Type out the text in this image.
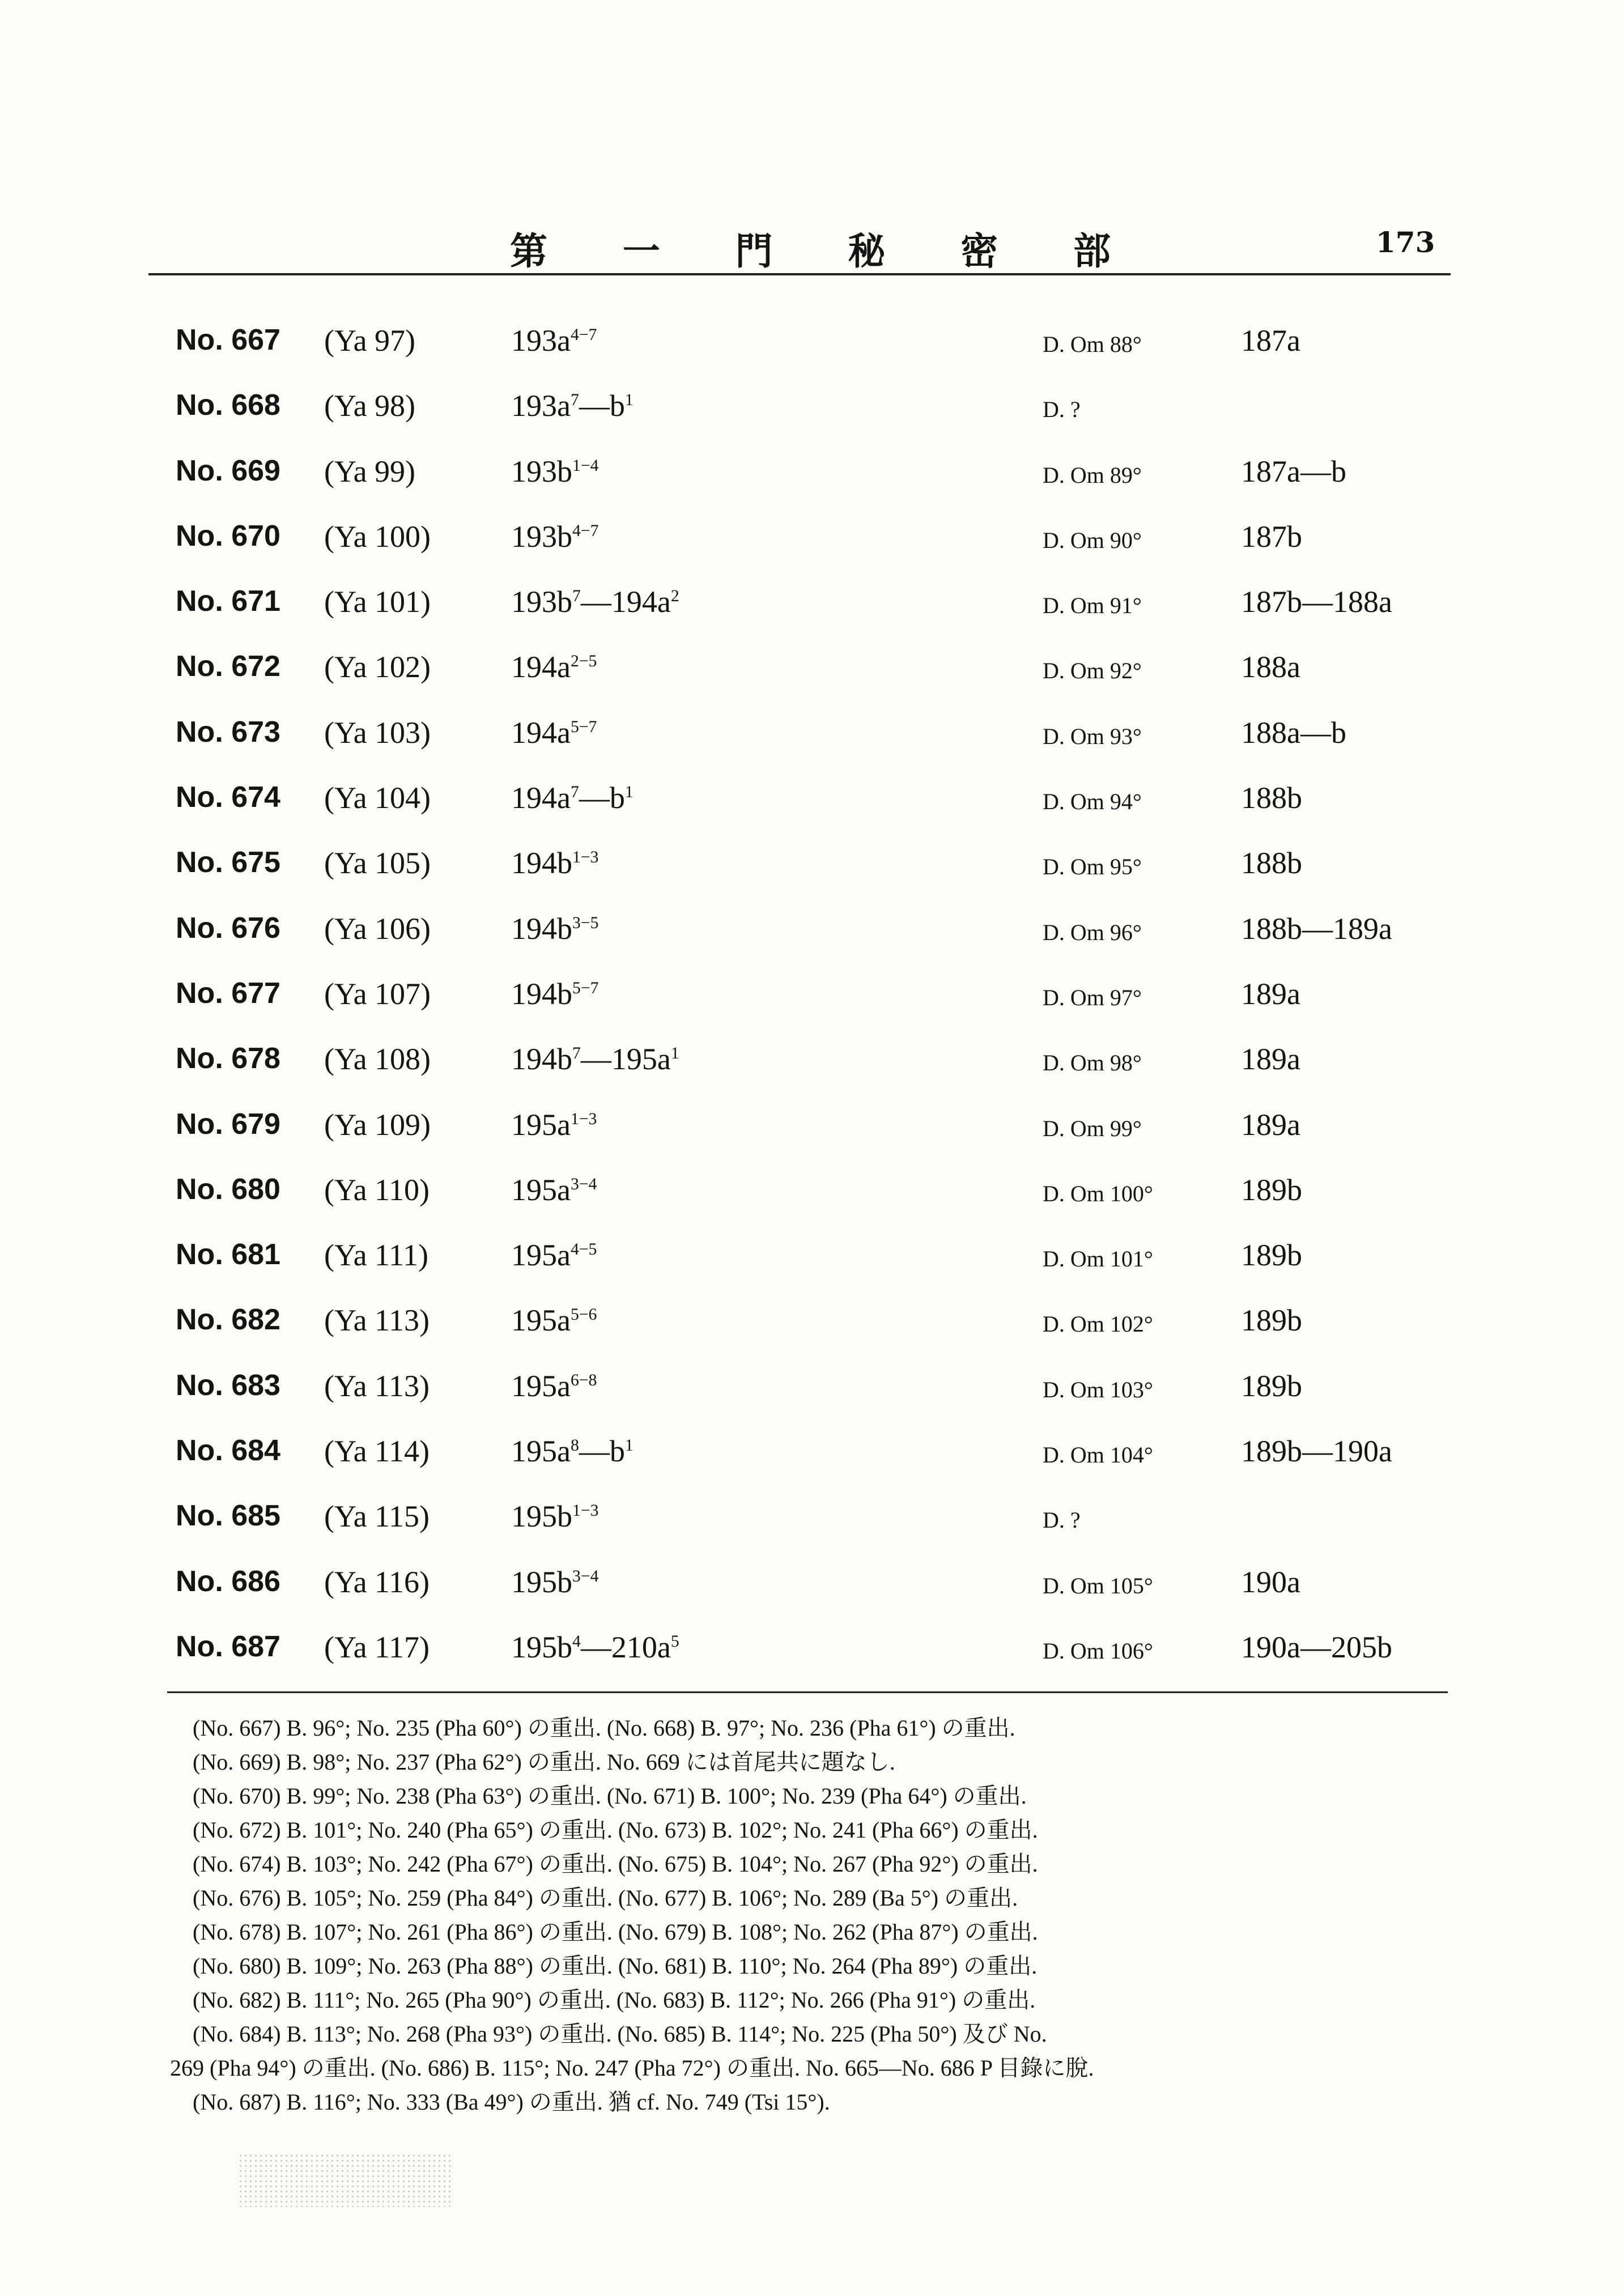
第 一 門 秘 密 部	173
No. 667 (Ya 97)	$193a^{4-7}$	D. Om 88°	187a
No. 668 (Ya 98)	$193a^7—b^1$	D. ?
No. 669 (Ya 99)	$193b^{1-4}$	D. Om 89°	187a—b
No. 670 (Ya 100)	$193b^{4-7}$	D. Om 90°	187b
No. 671 (Ya 101)	$193b^7—194a^2$	D. Om 91°	187b—188a
No. 672 (Ya 102)	$194a^{2-5}$	D. Om 92°	188a
No. 673 (Ya 103)	$194a^{5-7}$	D. Om 93°	188a—b
No. 674 (Ya 104)	$194a^7—b^1$	D. Om 94°	188b
No. 675 (Ya 105)	$194b^{1-3}$	D. Om 95°	188b
No. 676 (Ya 106)	$194b^{3-5}$	D. Om 96°	188b—189a
No. 677 (Ya 107)	$194b^{5-7}$	D. Om 97°	189a
No. 678 (Ya 108)	$194b^7—195a^1$	D. Om 98°	189a
No. 679 (Ya 109)	$195a^{1-3}$	D. Om 99°	189a
No. 680 (Ya 110)	$195a^{3-4}$	D. Om 100°	189b
No. 681 (Ya 111)	$195a^{4-5}$	D. Om 101°	189b
No. 682 (Ya 113)	$195a^{5-6}$	D. Om 102°	189b
No. 683 (Ya 113)	$195a^{6-8}$	D. Om 103°	189b
No. 684 (Ya 114)	$195a^8—b^1$	D. Om 104°	189b—190a
No. 685 (Ya 115)	$195b^{1-3}$	D. ?
No. 686 (Ya 116)	$195b^{3-4}$	D. Om 105°	190a
No. 687 (Ya 117)	$195b^4—210a^5$	D. Om 106°	190a—205b
(No. 667) B. 96°; No. 235 (Pha 60°) の重出. (No. 668) B. 97°; No. 236 (Pha 61°) の重出.
(No. 669) B. 98°; No. 237 (Pha 62°) の重出. No. 669 には首尾共に題なし.
(No. 670) B. 99°; No. 238 (Pha 63°) の重出. (No. 671) B. 100°; No. 239 (Pha 64°) の重出.
(No. 672) B. 101°; No. 240 (Pha 65°) の重出. (No. 673) B. 102°; No. 241 (Pha 66°) の重出.
(No. 674) B. 103°; No. 242 (Pha 67°) の重出. (No. 675) B. 104°; No. 267 (Pha 92°) の重出.
(No. 676) B. 105°; No. 259 (Pha 84°) の重出. (No. 677) B. 106°; No. 289 (Ba 5°) の重出.
(No. 678) B. 107°; No. 261 (Pha 86°) の重出. (No. 679) B. 108°; No. 262 (Pha 87°) の重出.
(No. 680) B. 109°; No. 263 (Pha 88°) の重出. (No. 681) B. 110°; No. 264 (Pha 89°) の重出.
(No. 682) B. 111°; No. 265 (Pha 90°) の重出. (No. 683) B. 112°; No. 266 (Pha 91°) の重出.
(No. 684) B. 113°; No. 268 (Pha 93°) の重出. (No. 685) B. 114°; No. 225 (Pha 50°) 及び No.
269 (Pha 94°) の重出. (No. 686) B. 115°; No. 247 (Pha 72°) の重出. No. 665—No. 686 P 目錄に脫.
(No. 687) B. 116°; No. 333 (Ba 49°) の重出. 猶 cf. No. 749 (Tsi 15°).
